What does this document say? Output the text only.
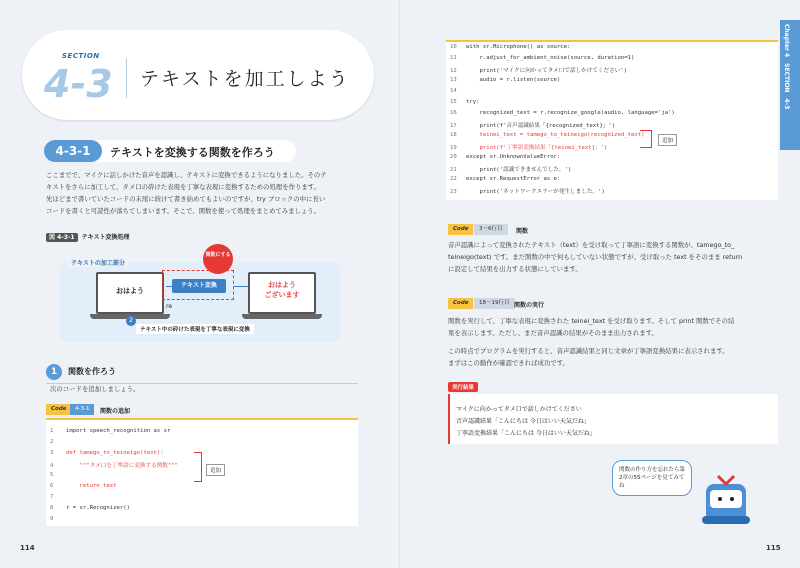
SECTION
4-3 テキストを加工しよう
4-3-1	テキストを変換する関数を作ろう
ここまでで、マイクに話しかけた音声を認識し、テキストに変換できるようになりました。そのテ
キストをさらに加工して、タメ口の砕けた表現を丁寧な表現に変換するための処理を作ります。
先ほどまで書いていたコードの末尾に続けて書き始めてもよいのですが、try ブロックの中に長い
コードを書くと可読性が落ちてしまいます。そこで、関数を使って処理をまとめてみましょう。
図 4-3-1 テキスト変換処理
テキストの加工部分
おはよう
テキスト変換
関数にする
おはよう
ございます
re
2
テキスト中の砕けた表現を丁寧な表現に変換
1	関数を作ろう
次のコードを追加しましょう。
Code	4-3-1	関数の追加
1 import speech_recognition as sr
2
3 def tamego_to_teineigo(text):
4    """タメ口を丁寧語に変換する関数"""
5
6    return text
7
8 r = sr.Recognizer()
9
追加
114
Chapter 4　SECTION　4-3
10 with sr.Microphone() as source:
11    r.adjust_for_ambient_noise(source, duration=1)
12    print('マイクに向かってタメ口で話しかけてください')
13    audio = r.listen(source)
14
15 try:
16    recognized_text = r.recognize_google(audio, language='ja')
17    print(f'音声認識結果「{recognized_text}」')
18    teinei_text = tamego_to_teineigo(recognized_text)
19    print(f'丁寧語変換結果「{teinei_text}」')
20 except sr.UnknownValueError:
21    print('認識できませんでした。')
22 except sr.RequestError as e:
23    print('ネットワークエラーが発生しました。')
追加
Code	3〜6行目	関数
音声認識によって変換されたテキスト（text）を受け取って丁寧語に変換する関数が、tamego_to_
teineigo(text) です。まだ関数の中で何もしていない状態ですが、受け取った text をそのまま return
に設定して結果を出力する状態にしています。
Code	18〜19行目 関数の実行
関数を実行して、丁寧な表現に変換された teinei_text を受け取ります。そして print 関数でその結
果を表示します。ただし、まだ音声認識の結果がそのまま出力されます。
この時点でプログラムを実行すると、音声認識結果と同じ文章が丁寧語変換結果に表示されます。
まずはこの動作が確認できれば成功です。
実行結果
マイクに向かってタメ口で話しかけてください
音声認識結果「こんにちは 今日はいい天気だね」
丁寧語変換結果「こんにちは 今日はいい天気だね」
関数の作り方を忘れたら第2章の55ページを見てみてね
115
